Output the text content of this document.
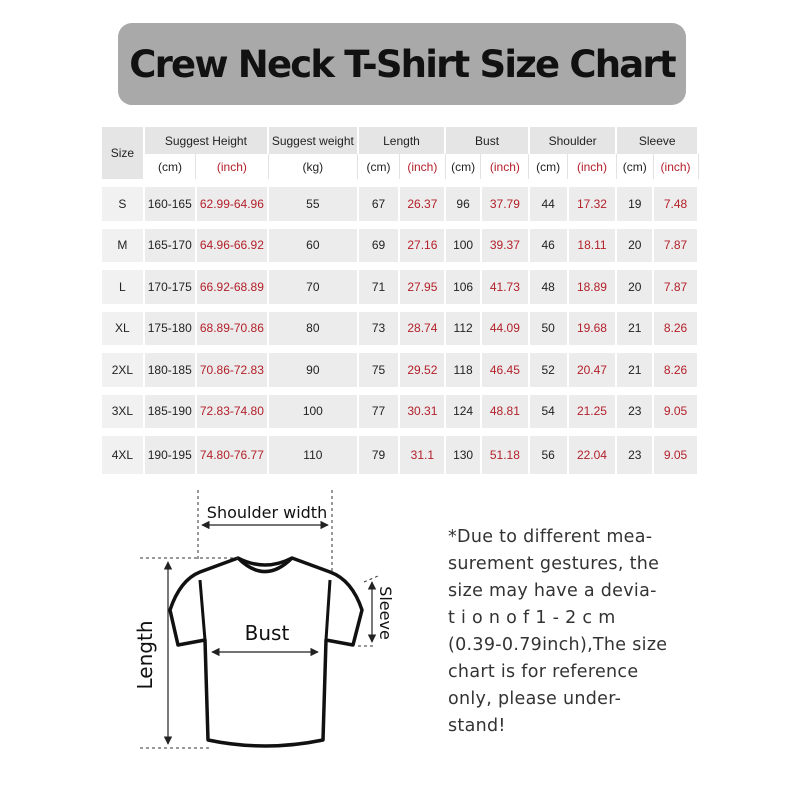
Crew Neck T-Shirt Size Chart
Size	Suggest Height		Suggest weight	Length		Bust		Shoulder		Sleeve	
	(cm)	(inch)	(kg)	(cm)	(inch)	(cm)	(inch)	(cm)	(inch)	(cm)	(inch)
S	160-165	62.99-64.96	55	67	26.37	96	37.79	44	17.32	19	7.48
M	165-170	64.96-66.92	60	69	27.16	100	39.37	46	18.11	20	7.87
L	170-175	66.92-68.89	70	71	27.95	106	41.73	48	18.89	20	7.87
XL	175-180	68.89-70.86	80	73	28.74	112	44.09	50	19.68	21	8.26
2XL	180-185	70.86-72.83	90	75	29.52	118	46.45	52	20.47	21	8.26
3XL	185-190	72.83-74.80	100	77	30.31	124	48.81	54	21.25	23	9.05
4XL	190-195	74.80-76.77	110	79	31.1	130	51.18	56	22.04	23	9.05
Shoulder width
Bust
Length
Sleeve
*Due to different mea-
surement gestures, the
size may have a devia-
t i o n o f 1 - 2 c m
(0.39-0.79inch),The size
chart is for reference
only, please under-
stand!
